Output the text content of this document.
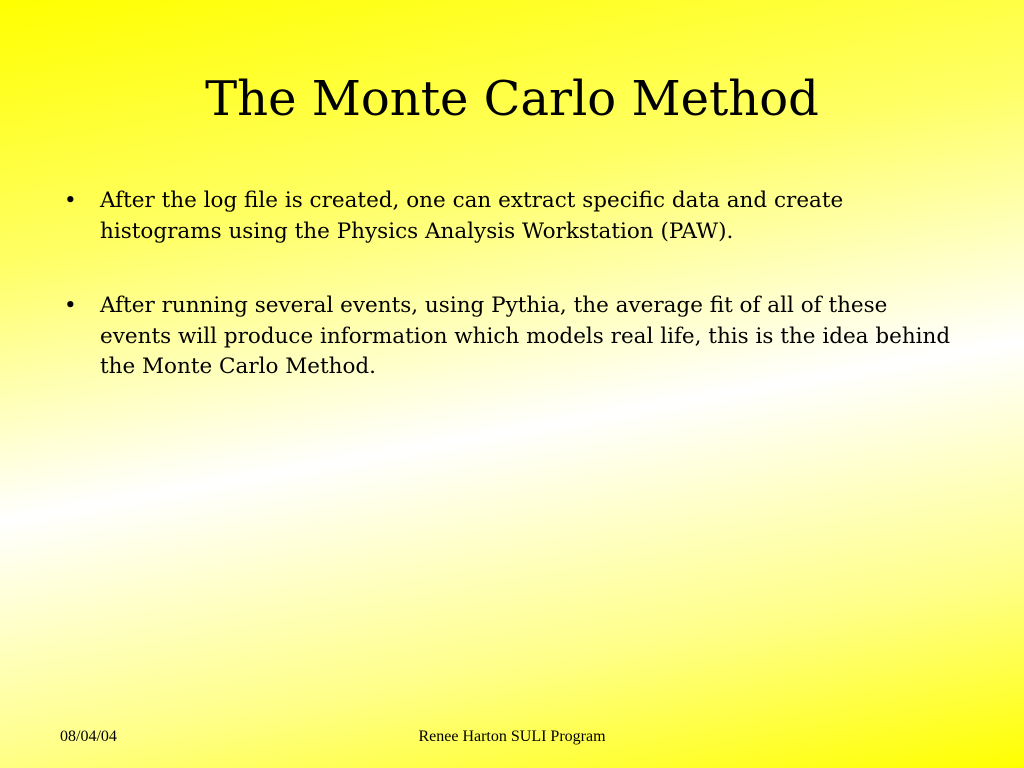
The Monte Carlo Method
•	After the log file is created, one can extract specific data and create histograms using the Physics Analysis Workstation (PAW).
•	After running several events, using Pythia, the average fit of all of these events will produce information which models real life, this is the idea behind the Monte Carlo Method.
08/04/04	Renee Harton SULI Program
